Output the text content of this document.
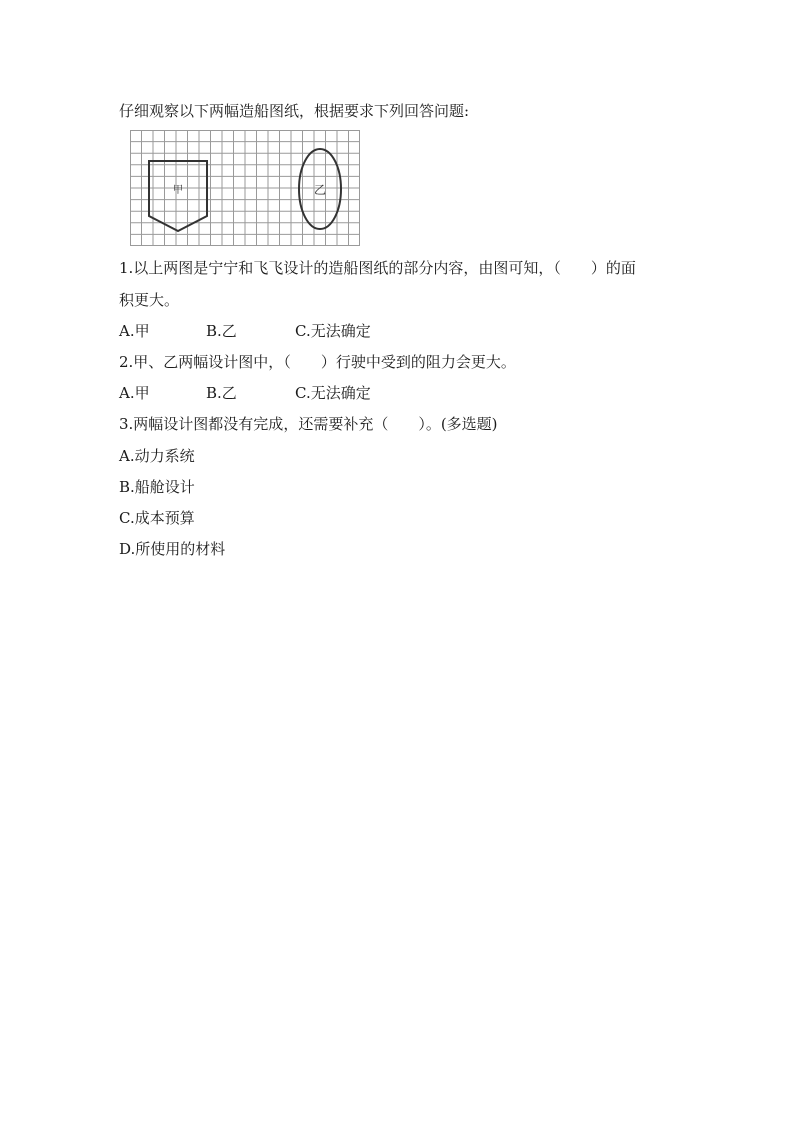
仔细观察以下两幅造船图纸，根据要求下列回答问题:
甲	乙
1.以上两图是宁宁和飞飞设计的造船图纸的部分内容，由图可知，（　　）的面
积更大。
A.甲	B.乙	C.无法确定
2.甲、乙两幅设计图中，（　　）行驶中受到的阻力会更大。
A.甲	B.乙	C.无法确定
3.两幅设计图都没有完成，还需要补充（　　）。(多选题)
A.动力系统
B.船舱设计
C.成本预算
D.所使用的材料
